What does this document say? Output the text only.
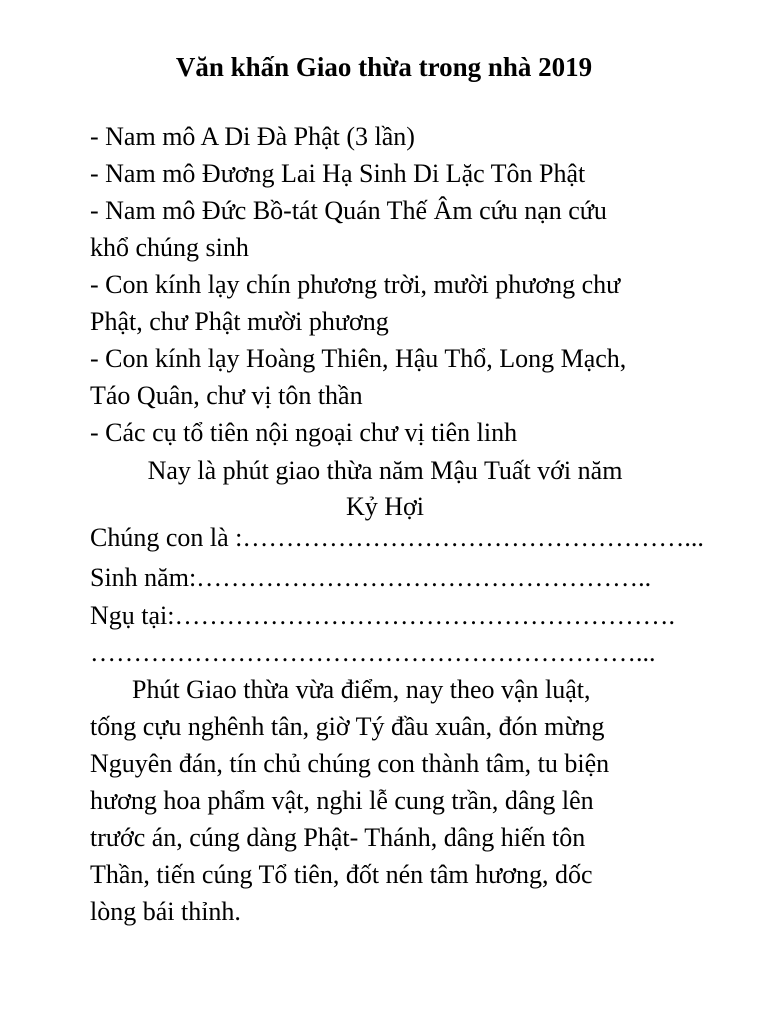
Văn khấn Giao thừa trong nhà 2019
- Nam mô A Di Đà Phật (3 lần)
- Nam mô Đương Lai Hạ Sinh Di Lặc Tôn Phật
- Nam mô Đức Bồ-tát Quán Thế Âm cứu nạn cứu
khổ chúng sinh
- Con kính lạy chín phương trời, mười phương chư
Phật, chư Phật mười phương
- Con kính lạy Hoàng Thiên, Hậu Thổ, Long Mạch,
Táo Quân, chư vị tôn thần
- Các cụ tổ tiên nội ngoại chư vị tiên linh
Nay là phút giao thừa năm Mậu Tuất với năm
Kỷ Hợi
Chúng con là :……………………………………………...
Sinh năm:……………………………………………..
Ngụ tại:………………………………………………….
………………………………………………………...
Phút Giao thừa vừa điểm, nay theo vận luật,
tống cựu nghênh tân, giờ Tý đầu xuân, đón mừng
Nguyên đán, tín chủ chúng con thành tâm, tu biện
hương hoa phẩm vật, nghi lễ cung trần, dâng lên
trước án, cúng dàng Phật- Thánh, dâng hiến tôn
Thần, tiến cúng Tổ tiên, đốt nén tâm hương, dốc
lòng bái thỉnh.
